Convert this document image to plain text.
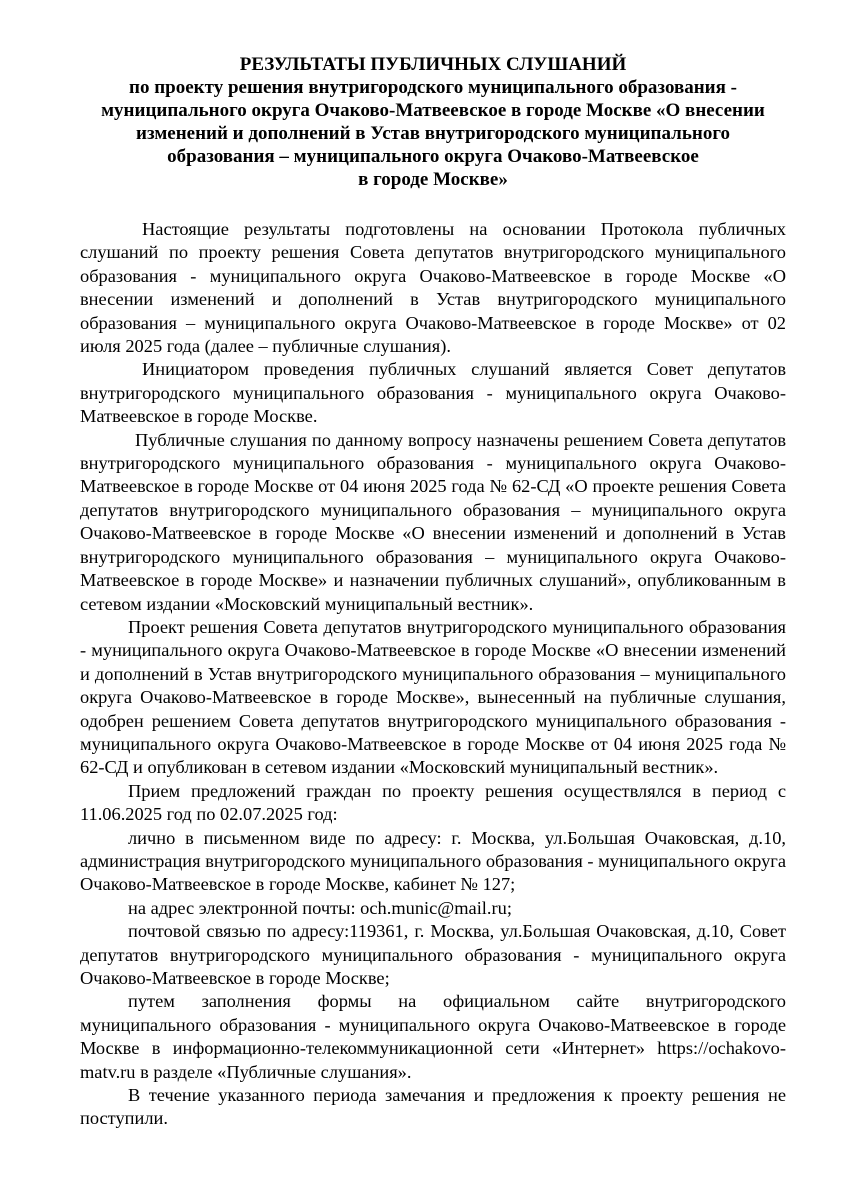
РЕЗУЛЬТАТЫ ПУБЛИЧНЫХ СЛУШАНИЙ
по проекту решения внутригородского муниципального образования -
муниципального округа Очаково-Матвеевское в городе Москве «О внесении
изменений и дополнений в Устав внутригородского муниципального
образования – муниципального округа Очаково-Матвеевское
в городе Москве»

Настоящие результаты подготовлены на основании Протокола публичных слушаний по проекту решения Совета депутатов внутригородского муниципального образования - муниципального округа Очаково-Матвеевское в городе Москве «О внесении изменений и дополнений в Устав внутригородского муниципального образования – муниципального округа Очаково-Матвеевское в городе Москве» от 02 июля 2025 года (далее – публичные слушания).

Инициатором проведения публичных слушаний является Совет депутатов внутригородского муниципального образования - муниципального округа Очаково-Матвеевское в городе Москве.

Публичные слушания по данному вопросу назначены решением Совета депутатов внутригородского муниципального образования - муниципального округа Очаково-Матвеевское в городе Москве от 04 июня 2025 года № 62-СД «О проекте решения Совета депутатов внутригородского муниципального образования – муниципального округа Очаково-Матвеевское в городе Москве «О внесении изменений и дополнений в Устав внутригородского муниципального образования – муниципального округа Очаково-Матвеевское в городе Москве» и назначении публичных слушаний», опубликованным в сетевом издании «Московский муниципальный вестник».

Проект решения Совета депутатов внутригородского муниципального образования - муниципального округа Очаково-Матвеевское в городе Москве «О внесении изменений и дополнений в Устав внутригородского муниципального образования – муниципального округа Очаково-Матвеевское в городе Москве», вынесенный на публичные слушания, одобрен решением Совета депутатов внутригородского муниципального образования - муниципального округа Очаково-Матвеевское в городе Москве от 04 июня 2025 года № 62-СД и опубликован в сетевом издании «Московский муниципальный вестник».

Прием предложений граждан по проекту решения осуществлялся в период с 11.06.2025 год по 02.07.2025 год:

лично в письменном виде по адресу: г. Москва, ул.Большая Очаковская, д.10, администрация внутригородского муниципального образования - муниципального округа Очаково-Матвеевское в городе Москве, кабинет № 127;

на адрес электронной почты: och.munic@mail.ru;

почтовой связью по адресу:119361, г. Москва, ул.Большая Очаковская, д.10, Совет депутатов внутригородского муниципального образования - муниципального округа Очаково-Матвеевское в городе Москве;

путем заполнения формы на официальном сайте внутригородского муниципального образования - муниципального округа Очаково-Матвеевское в городе Москве в информационно-телекоммуникационной сети «Интернет» https://ochakovo-matv.ru в разделе «Публичные слушания».

В течение указанного периода замечания и предложения к проекту решения не поступили.
